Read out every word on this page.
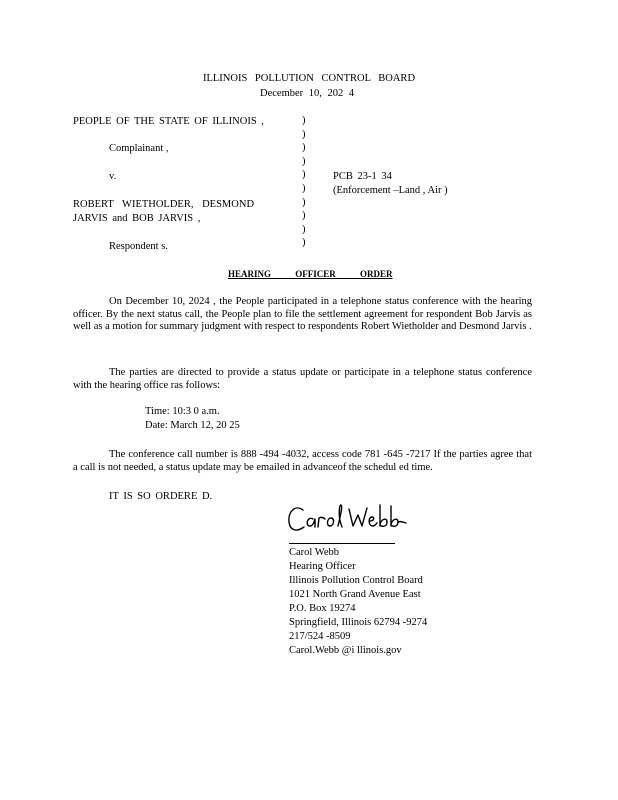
ILLINOIS POLLUTION CONTROL BOARD
December 10, 202 4
PEOPLE OF THE STATE OF ILLINOIS ,
Complainant ,
v.
ROBERT WIETHOLDER, DESMOND
JARVIS and BOB JARVIS ,
Respondent s.
)
)
)
)
)
)
)
)
)
)
PCB 23-1 34
(Enforcement –Land , Air )
HEARING OFFICER ORDER
On December 10, 2024 , the People participated in a telephone status conference with the hearing officer. By the next status call, the People plan to file the settlement agreement for respondent Bob Jarvis as well as a motion for summary judgment with respect to respondents Robert Wietholder and Desmond Jarvis .
The parties are directed to provide a status update or participate in a telephone status conference with the hearing office ras follows:
Time: 10:3 0 a.m.
Date: March 12, 20 25
The conference call number is 888 -494 -4032, access code 781 -645 -7217 If the parties agree that a call is not needed, a status update may be emailed in advanceof the schedul ed time.
IT IS SO ORDERE D.
Carol Webb
Hearing Officer
Illinois Pollution Control Board
1021 North Grand Avenue East
P.O. Box 19274
Springfield, Illinois 62794 -9274
217/524 -8509
Carol.Webb @i llinois.gov
